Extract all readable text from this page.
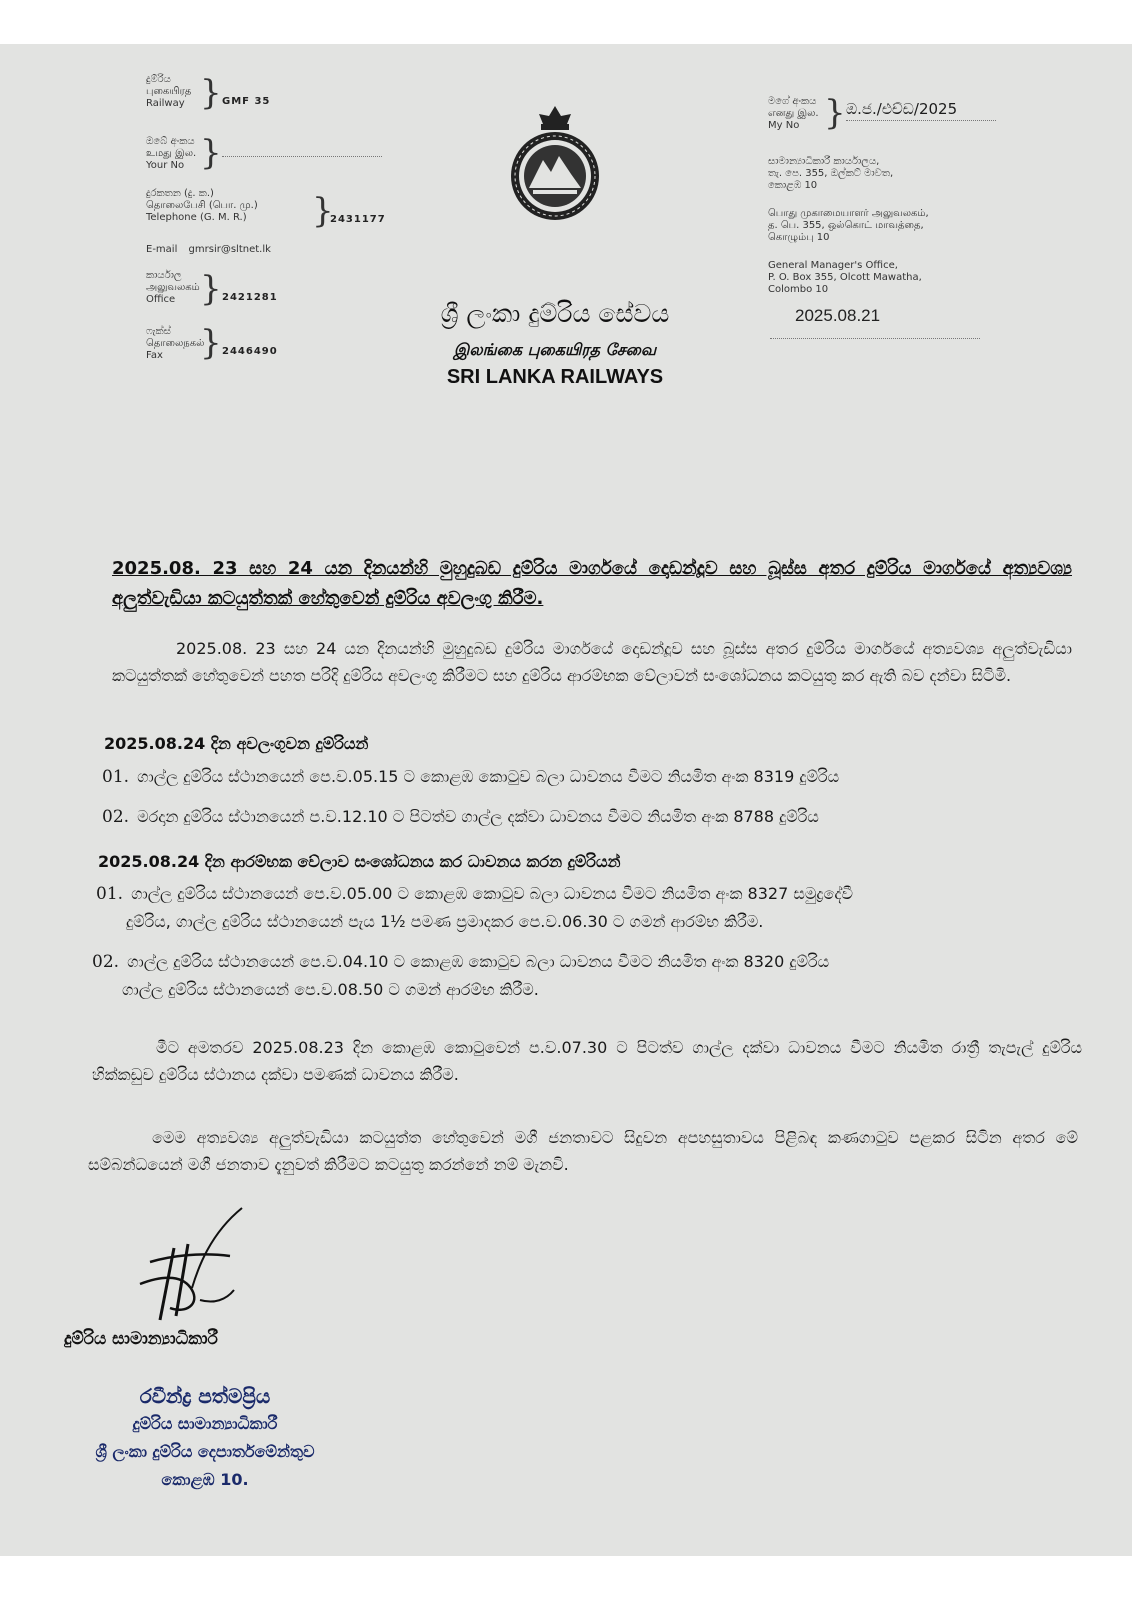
දුම්රිය
புகையிரத
Railway } GMF 35
ඔබේ අංකය
உமது இல.
Your No }
දුරකතන (දු. ක.)
தொலைபேசி (பொ. மு.)
Telephone (G. M. R.)	}
2431177
E-mail gmrsir@sltnet.lk
කාර්යාල
அலுவலகம்
Office } 2421281
ෆැක්ස්
தொலைநகல்
Fax	} 2446490
ශ්‍රී ලංකා දුම්රිය සේවය
இலங்கை புகையிரத சேவை
SRI LANKA RAILWAYS
මගේ අංකය
எனது இல.
My No } ඔ.ජ./එච්ඩ/2025
සාමාන්‍යාධිකාරී කාර්යාලය,
තැ. පෙ. 355, ඔල්කට් මාවත,
කොළඹ 10
பொது முகாமையாளர் அலுவலகம்,
த. பெ. 355, ஒல்கொட் மாவத்தை,
கொழும்பு 10
General Manager's Office,
P. O. Box 355, Olcott Mawatha,
Colombo 10
2025.08.21
2025.08. 23 සහ 24 යන දිනයන්හි මුහුදුබඩ දුම්රිය මාර්ගයේ දොඩන්දූව සහ බූස්ස අතර දුම්රිය මාර්ගයේ අත්‍යවශ්‍ය අලුත්වැඩියා කටයුත්තක් හේතුවෙන් දුම්රිය අවලංගු කිරීම.
2025.08. 23 සහ 24 යන දිනයන්හි මුහුදුබඩ දුම්රිය මාර්ගයේ දොඩන්දූව සහ බූස්ස අතර දුම්රිය මාර්ගයේ අත්‍යවශ්‍ය අලුත්වැඩියා කටයුත්තක් හේතුවෙන් පහත පරිදි දුම්රිය අවලංගු කිරීමට සහ දුම්රිය ආරම්භක වේලාවන් සංශෝධනය කටයුතු කර ඇති බව දන්වා සිටිමි.
2025.08.24 දින අවලංගුවන දුම්රියන්
01. ගාල්ල දුම්රිය ස්ථානයෙන් පෙ.ව.05.15 ට කොළඹ කොටුව බලා ධාවනය වීමට නියමිත අංක 8319 දුම්රිය
02. මරදාන දුම්රිය ස්ථානයෙන් ප.ව.12.10 ට පිටත්ව ගාල්ල දක්වා ධාවනය වීමට නියමිත අංක 8788 දුම්රිය
2025.08.24 දින ආරම්භක වේලාව සංශෝධනය කර ධාවනය කරන දුම්රියන්
01. ගාල්ල දුම්රිය ස්ථානයෙන් පෙ.ව.05.00 ට කොළඹ කොටුව බලා ධාවනය වීමට නියමිත අංක 8327 සමුද්‍රදේවී
දුම්රිය, ගාල්ල දුම්රිය ස්ථානයෙන් පැය 1½ පමණ ප්‍රමාදකර පෙ.ව.06.30 ට ගමන් ආරම්භ කිරීම.
02. ගාල්ල දුම්රිය ස්ථානයෙන් පෙ.ව.04.10 ට කොළඹ කොටුව බලා ධාවනය වීමට නියමිත අංක 8320 දුම්රිය
ගාල්ල දුම්රිය ස්ථානයෙන් පෙ.ව.08.50 ට ගමන් ආරම්භ කිරීම.
මීට අමතරව 2025.08.23 දින කොළඹ කොටුවෙන් ප.ව.07.30 ට පිටත්ව ගාල්ල දක්වා ධාවනය වීමට නියමිත රාත්‍රී තැපැල් දුම්රිය හික්කඩුව දුම්රිය ස්ථානය දක්වා පමණක් ධාවනය කිරීම.
මෙම අත්‍යවශ්‍ය අලුත්වැඩියා කටයුත්ත හේතුවෙන් මගී ජනතාවට සිදුවන අපහසුතාවය පිළිබඳ කණගාටුව පළකර සිටින අතර මේ සම්බන්ධයෙන් මගී ජනතාව දැනුවත් කිරීමට කටයුතු කරන්නේ නම් මැනවි.
දුම්රිය සාමාන්‍යාධිකාරී
රවීන්ද්‍ර පත්මප්‍රිය
දුම්රිය සාමාන්‍යාධිකාරී
ශ්‍රී ලංකා දුම්රිය දෙපාර්තමේන්තුව
කොළඹ 10.
